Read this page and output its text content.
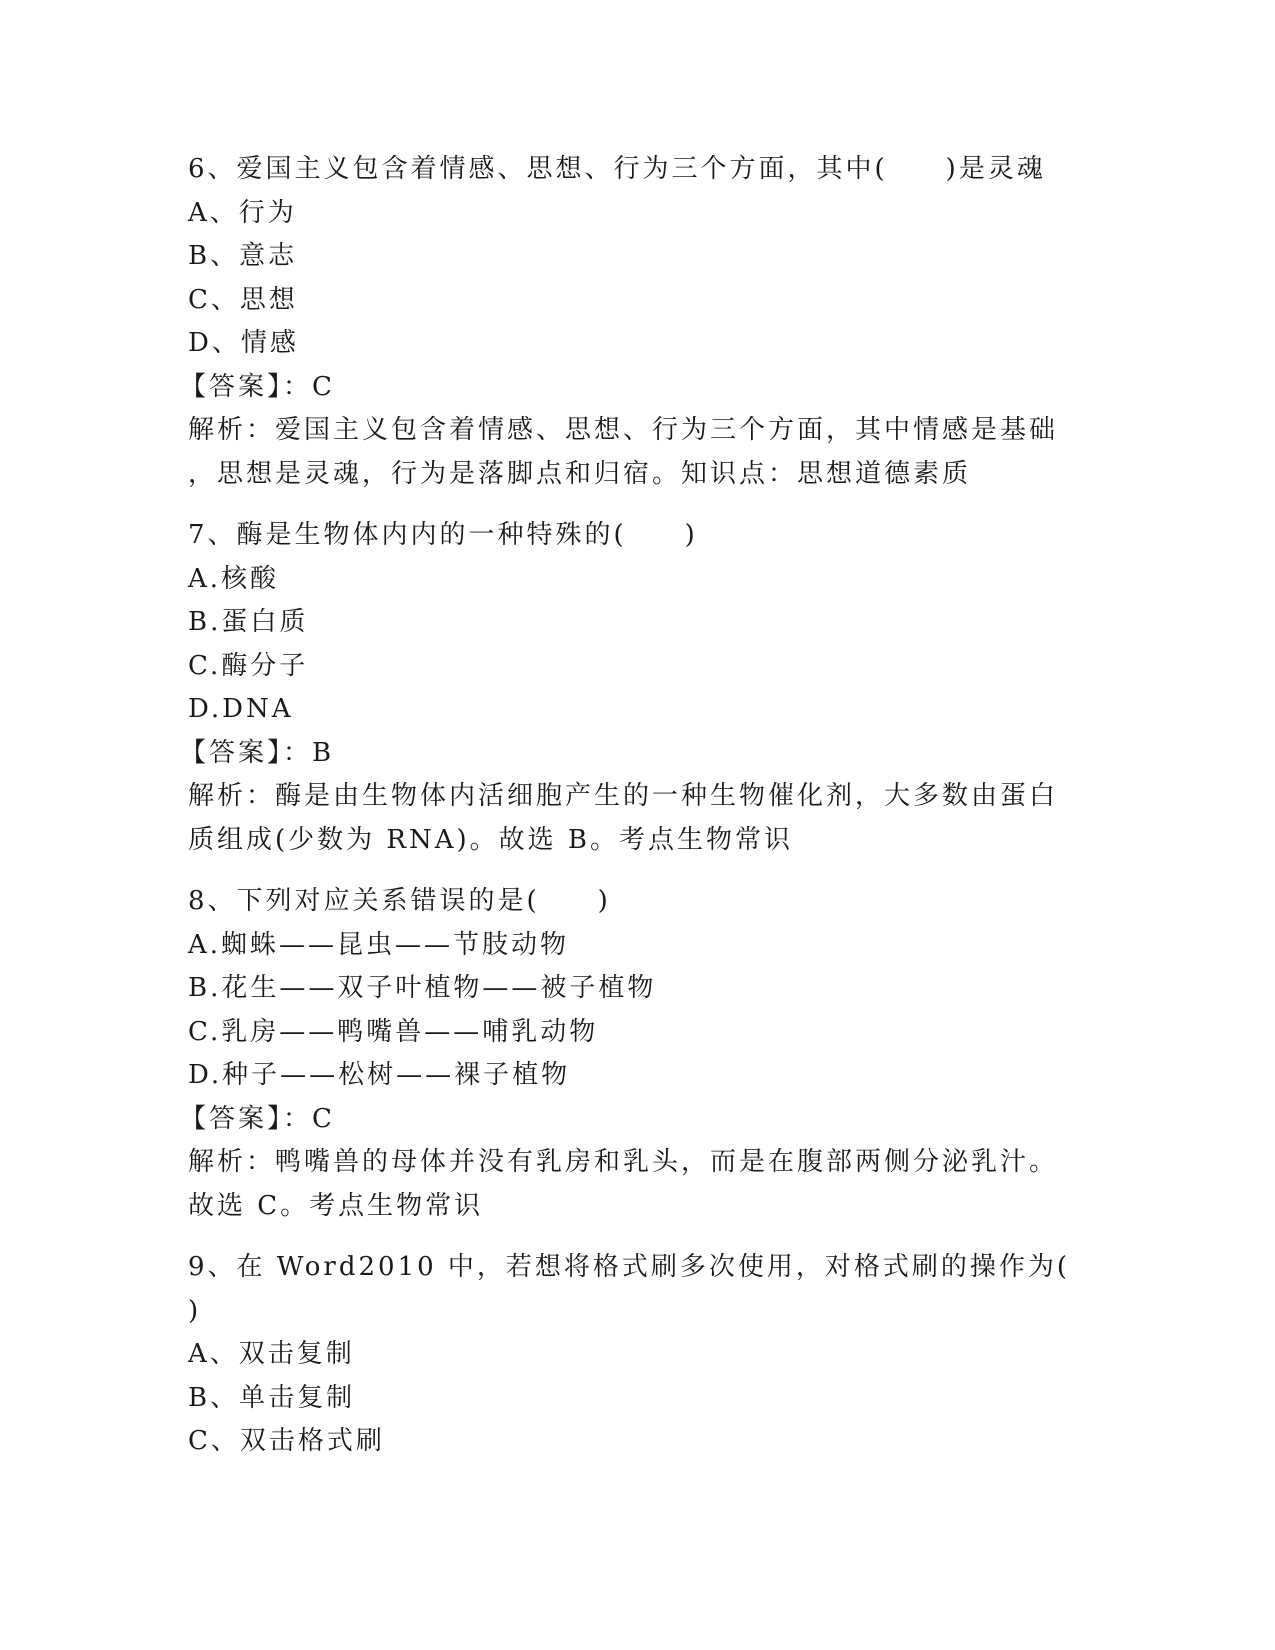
6、爱国主义包含着情感、思想、行为三个方面，其中(　　)是灵魂
A、行为
B、意志
C、思想
D、情感
【答案】：C
解析：爱国主义包含着情感、思想、行为三个方面，其中情感是基础
，思想是灵魂，行为是落脚点和归宿。知识点：思想道德素质
7、酶是生物体内内的一种特殊的(　　)
A.核酸
B.蛋白质
C.酶分子
D.DNA
【答案】：B
解析：酶是由生物体内活细胞产生的一种生物催化剂，大多数由蛋白
质组成(少数为 RNA)。故选 B。考点生物常识
8、下列对应关系错误的是(　　)
A.蜘蛛——昆虫——节肢动物
B.花生——双子叶植物——被子植物
C.乳房——鸭嘴兽——哺乳动物
D.种子——松树——裸子植物
【答案】：C
解析：鸭嘴兽的母体并没有乳房和乳头，而是在腹部两侧分泌乳汁。
故选 C。考点生物常识
9、在 Word2010 中，若想将格式刷多次使用，对格式刷的操作为(
)
A、双击复制
B、单击复制
C、双击格式刷
